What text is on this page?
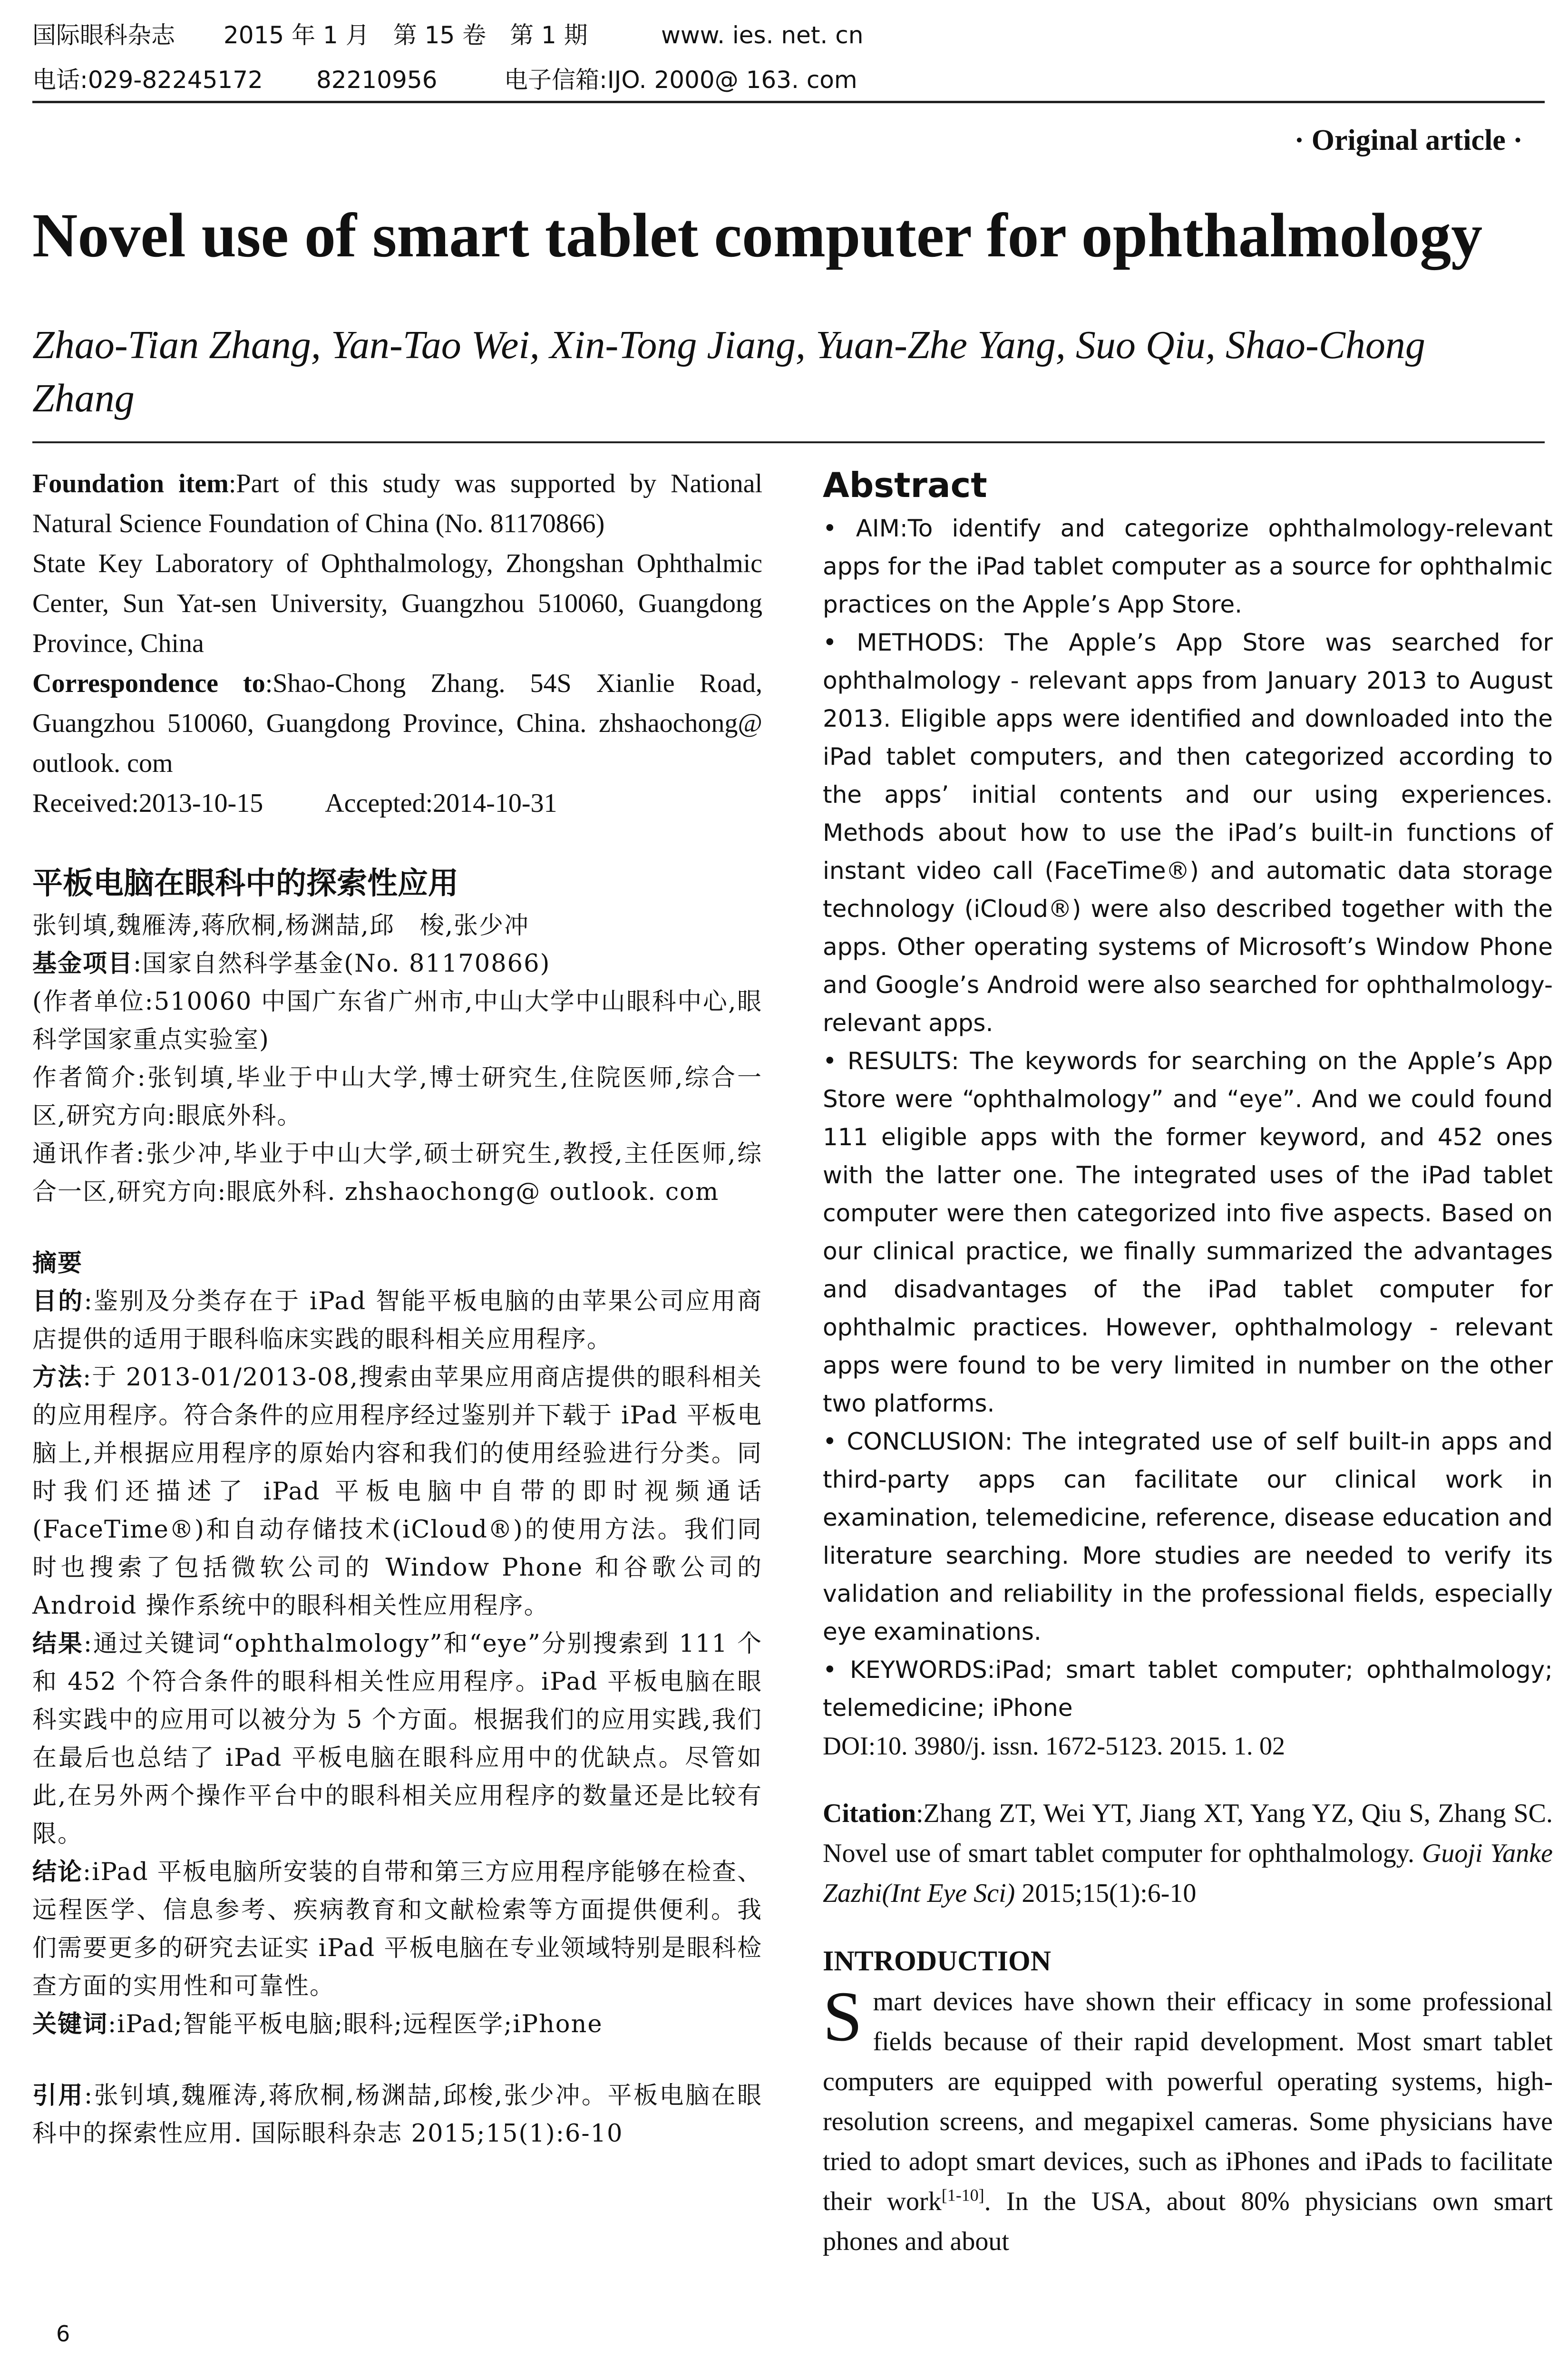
国际眼科杂志 2015 年 1 月　第 15 卷　第 1 期	www. ies. net. cn
电话:029-82245172 82210956	电子信箱:IJO. 2000@ 163. com
· Original article ·
Novel use of smart tablet computer for ophthalmology
Zhao-Tian Zhang, Yan-Tao Wei, Xin-Tong Jiang, Yuan-Zhe Yang, Suo Qiu, Shao-Chong Zhang
Foundation item:Part of this study was supported by National Natural Science Foundation of China (No. 81170866)
State Key Laboratory of Ophthalmology, Zhongshan Ophthalmic Center, Sun Yat-sen University, Guangzhou 510060, Guangdong Province, China
Correspondence to:Shao-Chong Zhang. 54S Xianlie Road, Guangzhou 510060, Guangdong Province, China. zhshaochong@ outlook. com
Received:2013-10-15 Accepted:2014-10-31
平板电脑在眼科中的探索性应用

张钊填,魏雁涛,蒋欣桐,杨渊喆,邱　梭,张少冲

基金项目:国家自然科学基金(No. 81170866)

(作者单位:510060 中国广东省广州市,中山大学中山眼科中心,眼科学国家重点实验室)

作者简介:张钊填,毕业于中山大学,博士研究生,住院医师,综合一区,研究方向:眼底外科。

通讯作者:张少冲,毕业于中山大学,硕士研究生,教授,主任医师,综合一区,研究方向:眼底外科. zhshaochong@ outlook. com

摘要

目的:鉴别及分类存在于 iPad 智能平板电脑的由苹果公司应用商店提供的适用于眼科临床实践的眼科相关应用程序。

方法:于 2013-01/2013-08,搜索由苹果应用商店提供的眼科相关的应用程序。符合条件的应用程序经过鉴别并下载于 iPad 平板电脑上,并根据应用程序的原始内容和我们的使用经验进行分类。同时我们还描述了 iPad 平板电脑中自带的即时视频通话(FaceTime®)和自动存储技术(iCloud®)的使用方法。我们同时也搜索了包括微软公司的 Window Phone 和谷歌公司的 Android 操作系统中的眼科相关性应用程序。

结果:通过关键词“ophthalmology”和“eye”分别搜索到 111 个和 452 个符合条件的眼科相关性应用程序。iPad 平板电脑在眼科实践中的应用可以被分为 5 个方面。根据我们的应用实践,我们在最后也总结了 iPad 平板电脑在眼科应用中的优缺点。尽管如此,在另外两个操作平台中的眼科相关应用程序的数量还是比较有限。

结论:iPad 平板电脑所安装的自带和第三方应用程序能够在检查、远程医学、信息参考、疾病教育和文献检索等方面提供便利。我们需要更多的研究去证实 iPad 平板电脑在专业领域特别是眼科检查方面的实用性和可靠性。

关键词:iPad;智能平板电脑;眼科;远程医学;iPhone

引用:张钊填,魏雁涛,蒋欣桐,杨渊喆,邱梭,张少冲。平板电脑在眼科中的探索性应用. 国际眼科杂志 2015;15(1):6-10

Abstract

• AIM:To identify and categorize ophthalmology-relevant apps for the iPad tablet computer as a source for ophthalmic practices on the Apple’s App Store.

• METHODS: The Apple’s App Store was searched for ophthalmology - relevant apps from January 2013 to August 2013. Eligible apps were identified and downloaded into the iPad tablet computers, and then categorized according to the apps’ initial contents and our using experiences. Methods about how to use the iPad’s built-in functions of instant video call (FaceTime®) and automatic data storage technology (iCloud®) were also described together with the apps. Other operating systems of Microsoft’s Window Phone and Google’s Android were also searched for ophthalmology-relevant apps.

• RESULTS: The keywords for searching on the Apple’s App Store were “ophthalmology” and “eye”. And we could found 111 eligible apps with the former keyword, and 452 ones with the latter one. The integrated uses of the iPad tablet computer were then categorized into five aspects. Based on our clinical practice, we finally summarized the advantages and disadvantages of the iPad tablet computer for ophthalmic practices. However, ophthalmology - relevant apps were found to be very limited in number on the other two platforms.

• CONCLUSION: The integrated use of self built-in apps and third-party apps can facilitate our clinical work in examination, telemedicine, reference, disease education and literature searching. More studies are needed to verify its validation and reliability in the professional fields, especially eye examinations.

• KEYWORDS:iPad; smart tablet computer; ophthalmology; telemedicine; iPhone

DOI:10. 3980/j. issn. 1672-5123. 2015. 1. 02

Citation:Zhang ZT, Wei YT, Jiang XT, Yang YZ, Qiu S, Zhang SC. Novel use of smart tablet computer for ophthalmology. Guoji Yanke Zazhi(Int Eye Sci) 2015;15(1):6-10
INTRODUCTION
Smart devices have shown their efficacy in some professional fields because of their rapid development. Most smart tablet computers are equipped with powerful operating systems, high-resolution screens, and megapixel cameras. Some physicians have tried to adopt smart devices, such as iPhones and iPads to facilitate their work[1-10]. In the USA, about 80% physicians own smart phones and about
6
